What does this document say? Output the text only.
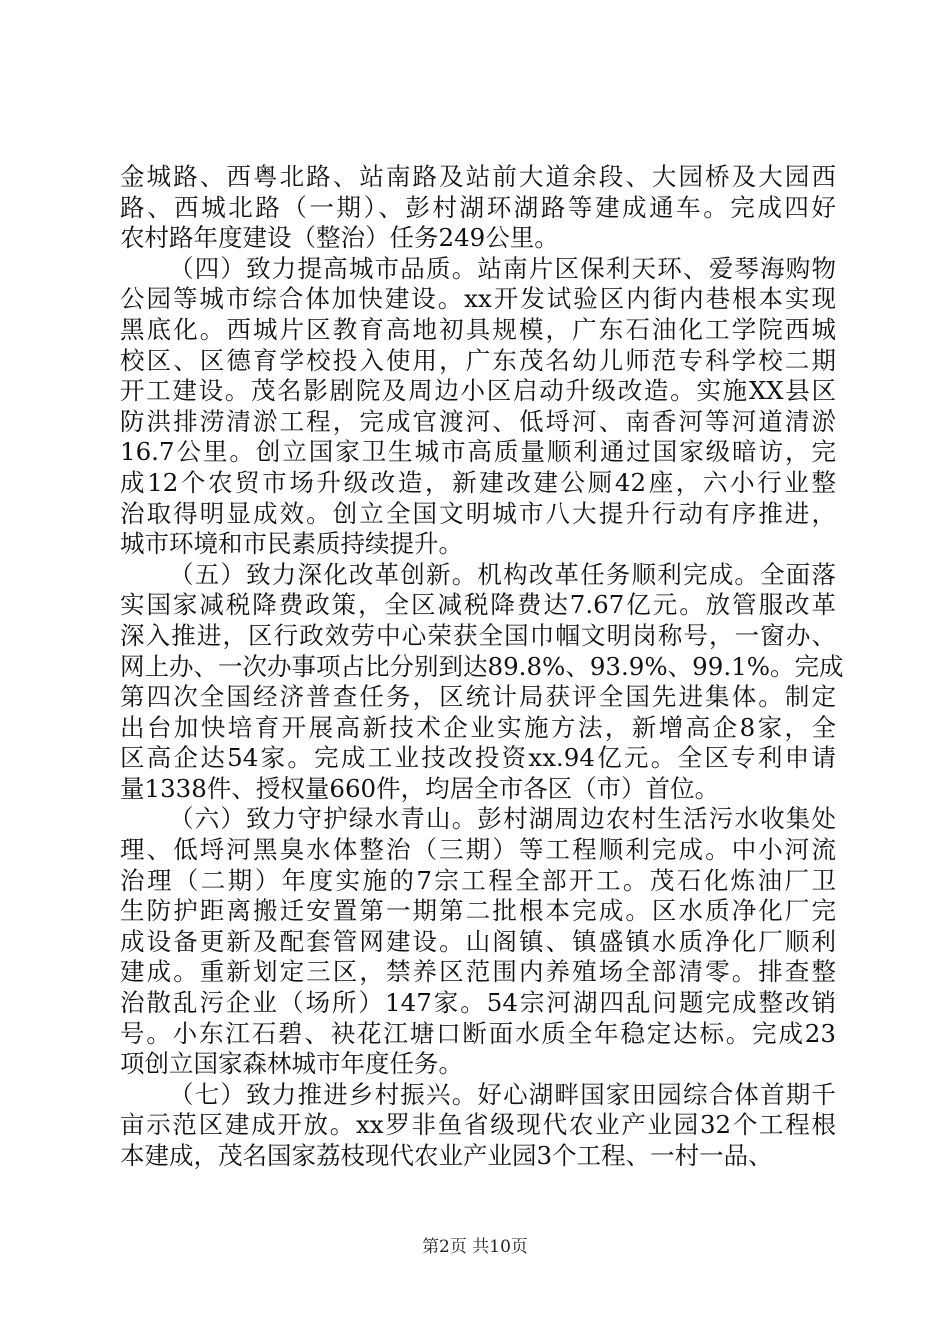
金城路、西粤北路、站南路及站前大道余段、大园桥及大园西
路、西城北路（一期）、彭村湖环湖路等建成通车。完成四好
农村路年度建设（整治）任务249公里。
（四）致力提高城市品质。站南片区保利天环、爱琴海购物
公园等城市综合体加快建设。xx开发试验区内街内巷根本实现
黑底化。西城片区教育高地初具规模，广东石油化工学院西城
校区、区德育学校投入使用，广东茂名幼儿师范专科学校二期
开工建设。茂名影剧院及周边小区启动升级改造。实施XX县区
防洪排涝清淤工程，完成官渡河、低埒河、南香河等河道清淤
16.7公里。创立国家卫生城市高质量顺利通过国家级暗访，完
成12个农贸市场升级改造，新建改建公厕42座，六小行业整
治取得明显成效。创立全国文明城市八大提升行动有序推进，
城市环境和市民素质持续提升。
（五）致力深化改革创新。机构改革任务顺利完成。全面落
实国家减税降费政策，全区减税降费达7.67亿元。放管服改革
深入推进，区行政效劳中心荣获全国巾帼文明岗称号，一窗办、
网上办、一次办事项占比分别到达89.8%、93.9%、99.1%。完成
第四次全国经济普查任务，区统计局获评全国先进集体。制定
出台加快培育开展高新技术企业实施方法，新增高企8家，全
区高企达54家。完成工业技改投资xx.94亿元。全区专利申请
量1338件、授权量660件，均居全市各区（市）首位。
（六）致力守护绿水青山。彭村湖周边农村生活污水收集处
理、低埒河黑臭水体整治（三期）等工程顺利完成。中小河流
治理（二期）年度实施的7宗工程全部开工。茂石化炼油厂卫
生防护距离搬迁安置第一期第二批根本完成。区水质净化厂完
成设备更新及配套管网建设。山阁镇、镇盛镇水质净化厂顺利
建成。重新划定三区，禁养区范围内养殖场全部清零。排查整
治散乱污企业（场所）147家。54宗河湖四乱问题完成整改销
号。小东江石碧、袂花江塘口断面水质全年稳定达标。完成23
项创立国家森林城市年度任务。
（七）致力推进乡村振兴。好心湖畔国家田园综合体首期千
亩示范区建成开放。xx罗非鱼省级现代农业产业园32个工程根
本建成，茂名国家荔枝现代农业产业园3个工程、一村一品、
第2页 共10页
